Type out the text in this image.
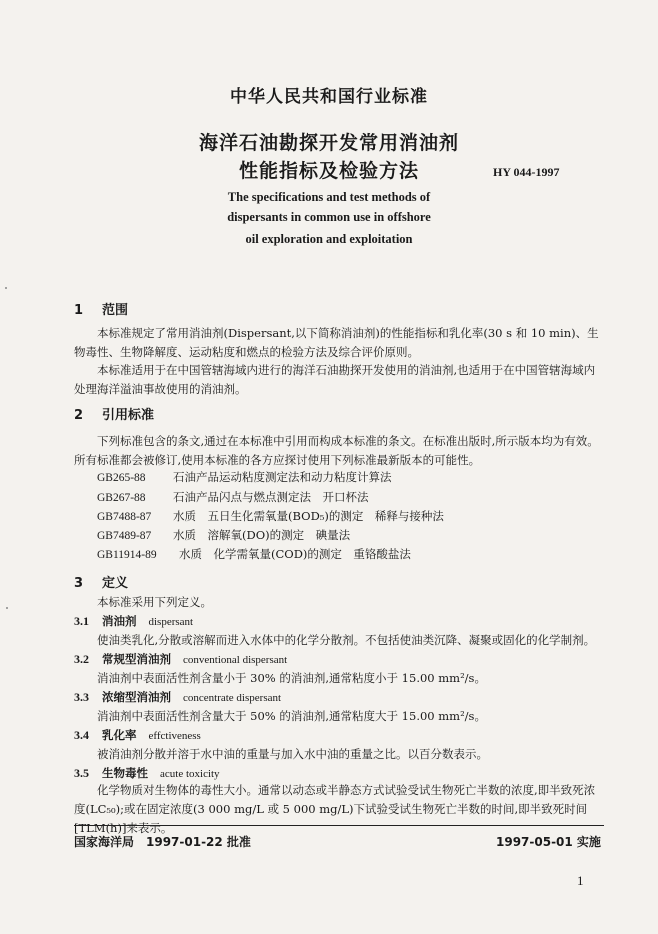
中华人民共和国行业标准
海洋石油勘探开发常用消油剂
性能指标及检验方法	HY 044-1997
The specifications and test methods of
dispersants in common use in offshore
oil exploration and exploitation
1 范围
本标准规定了常用消油剂(Dispersant,以下简称消油剂)的性能指标和乳化率(30 s 和 10 min)、生物毒性、生物降解度、运动粘度和燃点的检验方法及综合评价原则。
本标准适用于在中国管辖海域内进行的海洋石油勘探开发使用的消油剂,也适用于在中国管辖海域内处理海洋溢油事故使用的消油剂。
2 引用标准
下列标准包含的条文,通过在本标准中引用而构成本标准的条文。在标准出版时,所示版本均为有效。所有标准都会被修订,使用本标准的各方应探讨使用下列标准最新版本的可能性。
GB265-88 石油产品运动粘度测定法和动力粘度计算法
GB267-88 石油产品闪点与燃点测定法　开口杯法
GB7488-87 水质　五日生化需氧量(BOD₅)的测定　稀释与接种法
GB7489-87 水质　溶解氧(DO)的测定　碘量法
GB11914-89 水质　化学需氧量(COD)的测定　重铬酸盐法
3 定义
本标准采用下列定义。
3.1 消油剂 dispersant
使油类乳化,分散或溶解而进入水体中的化学分散剂。不包括使油类沉降、凝聚或固化的化学制剂。
3.2 常规型消油剂 conventional dispersant
消油剂中表面活性剂含量小于 30% 的消油剂,通常粘度小于 15.00 mm²/s。
3.3 浓缩型消油剂 concentrate dispersant
消油剂中表面活性剂含量大于 50% 的消油剂,通常粘度大于 15.00 mm²/s。
3.4 乳化率 effctiveness
被消油剂分散并溶于水中油的重量与加入水中油的重量之比。以百分数表示。
3.5 生物毒性 acute toxicity
化学物质对生物体的毒性大小。通常以动态或半静态方式试验受试生物死亡半数的浓度,即半致死浓度(LC₅₀);或在固定浓度(3 000 mg/L 或 5 000 mg/L)下试验受试生物死亡半数的时间,即半致死时间[TLM(h)]来表示。
国家海洋局　1997-01-22 批准	1997-05-01 实施
1
